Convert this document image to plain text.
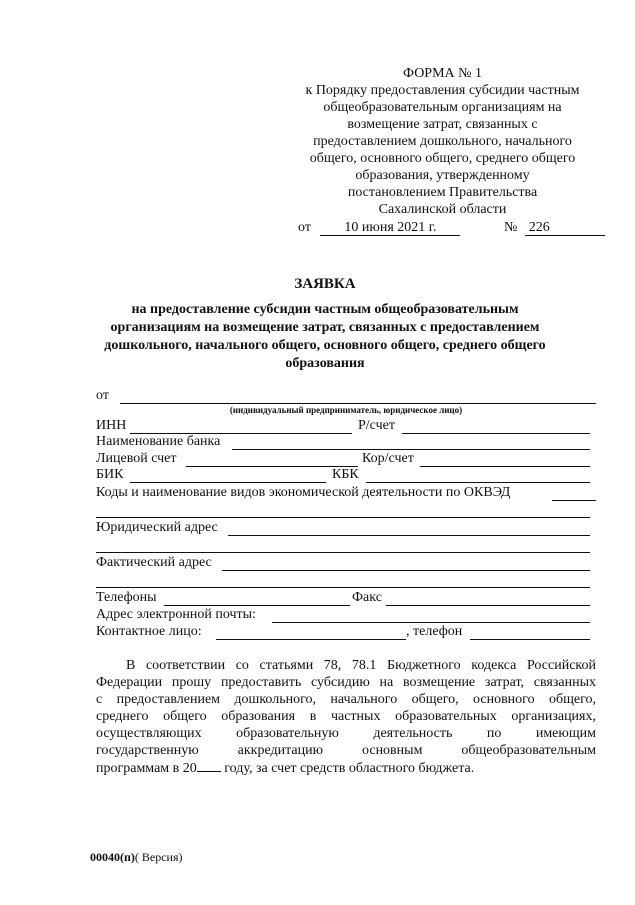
ФОРМА № 1
к Порядку предоставления субсидии частным
общеобразовательным организациям на
возмещение затрат, связанных с
предоставлением дошкольного, начального
общего, основного общего, среднего общего
образования, утвержденному
постановлением Правительства
Сахалинской области
от 10 июня 2021 г.	№ 226
ЗАЯВКА
на предоставление субсидии частным общеобразовательным
организациям на возмещение затрат, связанных с предоставлением
дошкольного, начального общего, основного общего, среднего общего
образования
от
(индивидуальный предприниматель, юридическое лицо)
ИНН	Р/счет
Наименование банка
Лицевой счет	Кор/счет
БИК	КБК
Коды и наименование видов экономической деятельности по ОКВЭД
Юридический адрес
Фактический адрес
Телефоны	Факс
Адрес электронной почты:
Контактное лицо:	, телефон
В соответствии со статьями 78, 78.1 Бюджетного кодекса Российской
Федерации прошу предоставить субсидию на возмещение затрат, связанных
с предоставлением дошкольного, начального общего, основного общего,
среднего общего образования в частных образовательных организациях,
осуществляющих образовательную деятельность по имеющим
государственную аккредитацию основным общеобразовательным
программам в 20 году, за счет средств областного бюджета.
00040(п)( Версия)
